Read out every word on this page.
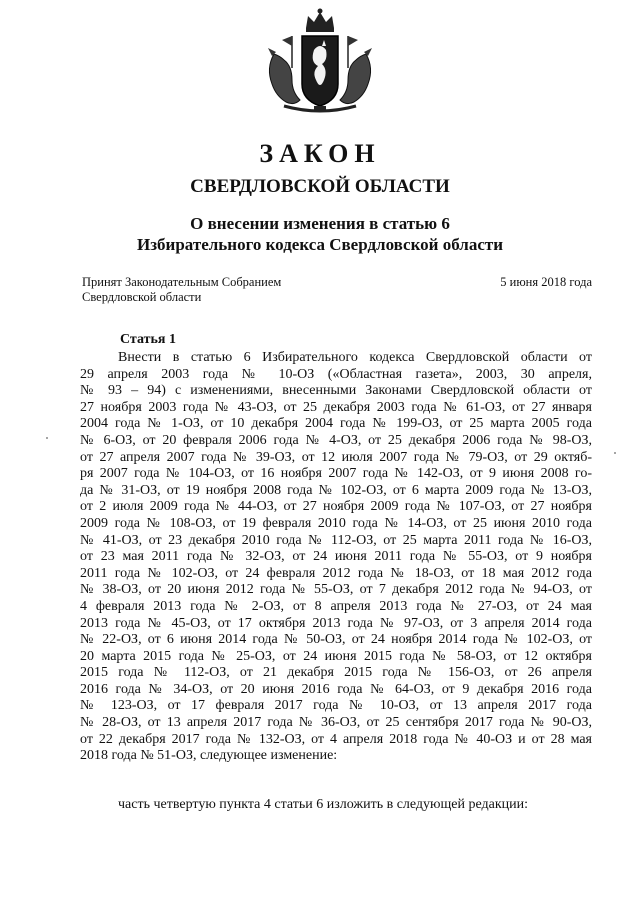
ЗАКОН
СВЕРДЛОВСКОЙ ОБЛАСТИ
О внесении изменения в статью 6
Избирательного кодекса Свердловской области
Принят Законодательным Собранием
Свердловской области
5 июня 2018 года
Статья 1
Внести в статью 6 Избирательного кодекса Свердловской области от
29 апреля 2003 года № 10-ОЗ («Областная газета», 2003, 30 апреля,
№ 93 – 94) с изменениями, внесенными Законами Свердловской области от
27 ноября 2003 года № 43-ОЗ, от 25 декабря 2003 года № 61-ОЗ, от 27 января
2004 года № 1-ОЗ, от 10 декабря 2004 года № 199-ОЗ, от 25 марта 2005 года
№ 6-ОЗ, от 20 февраля 2006 года № 4-ОЗ, от 25 декабря 2006 года № 98-ОЗ,
от 27 апреля 2007 года № 39-ОЗ, от 12 июля 2007 года № 79-ОЗ, от 29 октяб-
ря 2007 года № 104-ОЗ, от 16 ноября 2007 года № 142-ОЗ, от 9 июня 2008 го-
да № 31-ОЗ, от 19 ноября 2008 года № 102-ОЗ, от 6 марта 2009 года № 13-ОЗ,
от 2 июля 2009 года № 44-ОЗ, от 27 ноября 2009 года № 107-ОЗ, от 27 ноября
2009 года № 108-ОЗ, от 19 февраля 2010 года № 14-ОЗ, от 25 июня 2010 года
№ 41-ОЗ, от 23 декабря 2010 года № 112-ОЗ, от 25 марта 2011 года № 16-ОЗ,
от 23 мая 2011 года № 32-ОЗ, от 24 июня 2011 года № 55-ОЗ, от 9 ноября
2011 года № 102-ОЗ, от 24 февраля 2012 года № 18-ОЗ, от 18 мая 2012 года
№ 38-ОЗ, от 20 июня 2012 года № 55-ОЗ, от 7 декабря 2012 года № 94-ОЗ, от
4 февраля 2013 года № 2-ОЗ, от 8 апреля 2013 года № 27-ОЗ, от 24 мая
2013 года № 45-ОЗ, от 17 октября 2013 года № 97-ОЗ, от 3 апреля 2014 года
№ 22-ОЗ, от 6 июня 2014 года № 50-ОЗ, от 24 ноября 2014 года № 102-ОЗ, от
20 марта 2015 года № 25-ОЗ, от 24 июня 2015 года № 58-ОЗ, от 12 октября
2015 года № 112-ОЗ, от 21 декабря 2015 года № 156-ОЗ, от 26 апреля
2016 года № 34-ОЗ, от 20 июня 2016 года № 64-ОЗ, от 9 декабря 2016 года
№ 123-ОЗ, от 17 февраля 2017 года № 10-ОЗ, от 13 апреля 2017 года
№ 28-ОЗ, от 13 апреля 2017 года № 36-ОЗ, от 25 сентября 2017 года № 90-ОЗ,
от 22 декабря 2017 года № 132-ОЗ, от 4 апреля 2018 года № 40-ОЗ и от 28 мая
2018 года № 51-ОЗ, следующее изменение:
часть четвертую пункта 4 статьи 6 изложить в следующей редакции:
